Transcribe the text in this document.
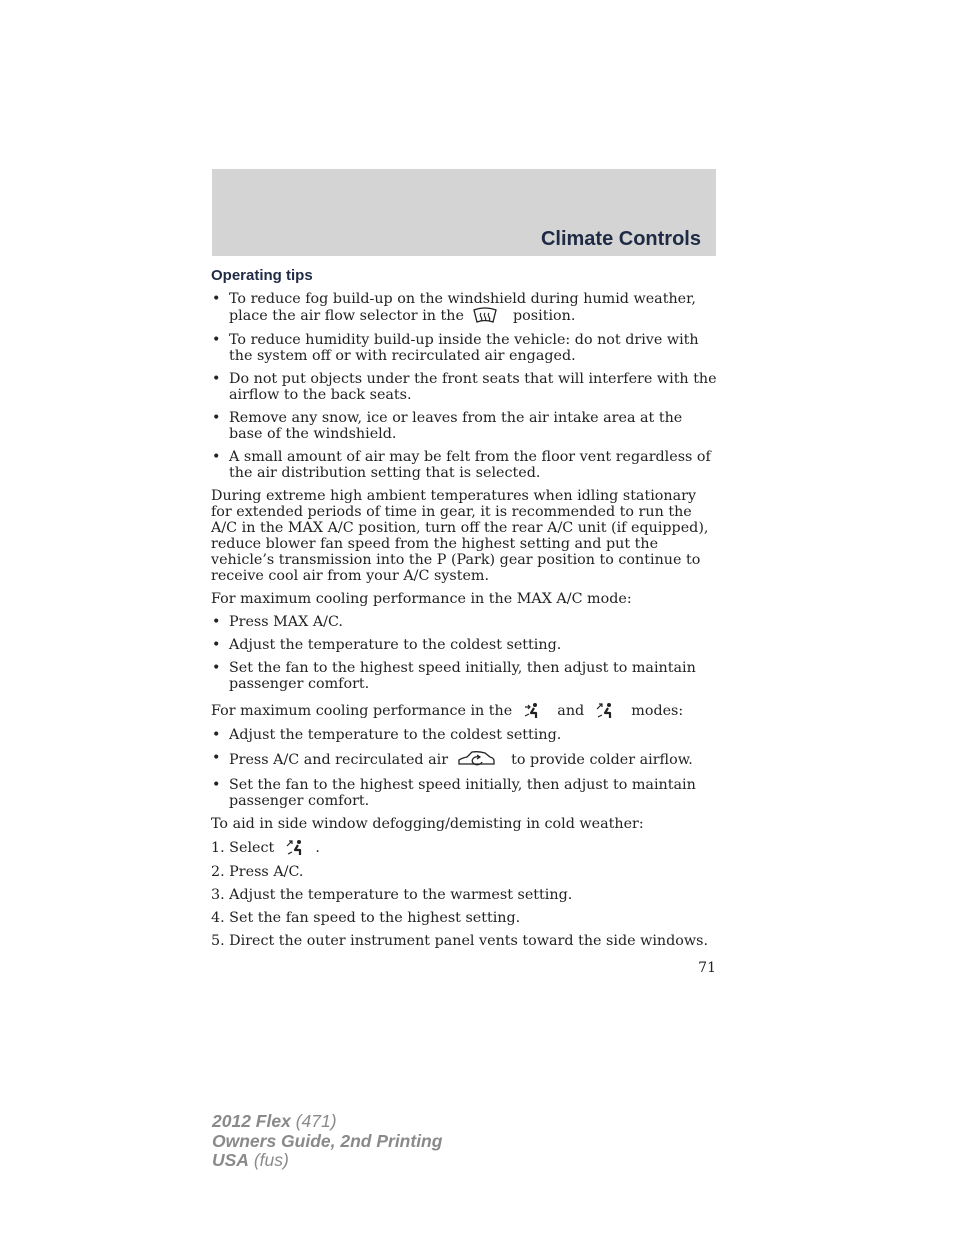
Climate Controls
Operating tips
• To reduce fog build-up on the windshield during humid weather, place the air flow selector in the	position.
• To reduce humidity build-up inside the vehicle: do not drive with the system off or with recirculated air engaged.
• Do not put objects under the front seats that will interfere with the airflow to the back seats.
• Remove any snow, ice or leaves from the air intake area at the base of the windshield.
• A small amount of air may be felt from the floor vent regardless of the air distribution setting that is selected.

During extreme high ambient temperatures when idling stationary for extended periods of time in gear, it is recommended to run the A/C in the MAX A/C position, turn off the rear A/C unit (if equipped), reduce blower fan speed from the highest setting and put the vehicle’s transmission into the P (Park) gear position to continue to receive cool air from your A/C system.

For maximum cooling performance in the MAX A/C mode:

• Press MAX A/C.
• Adjust the temperature to the coldest setting.
• Set the fan to the highest speed initially, then adjust to maintain passenger comfort.

For maximum cooling performance in the	and	modes:

• Adjust the temperature to the coldest setting.
• Press A/C and recirculated air	to provide colder airflow.
• Set the fan to the highest speed initially, then adjust to maintain passenger comfort.

To aid in side window defogging/demisting in cold weather:

1. Select	.
2. Press A/C.
3. Adjust the temperature to the warmest setting.
4. Set the fan speed to the highest setting.
5. Direct the outer instrument panel vents toward the side windows.
71
2012 Flex (471)
Owners Guide, 2nd Printing
USA (fus)
